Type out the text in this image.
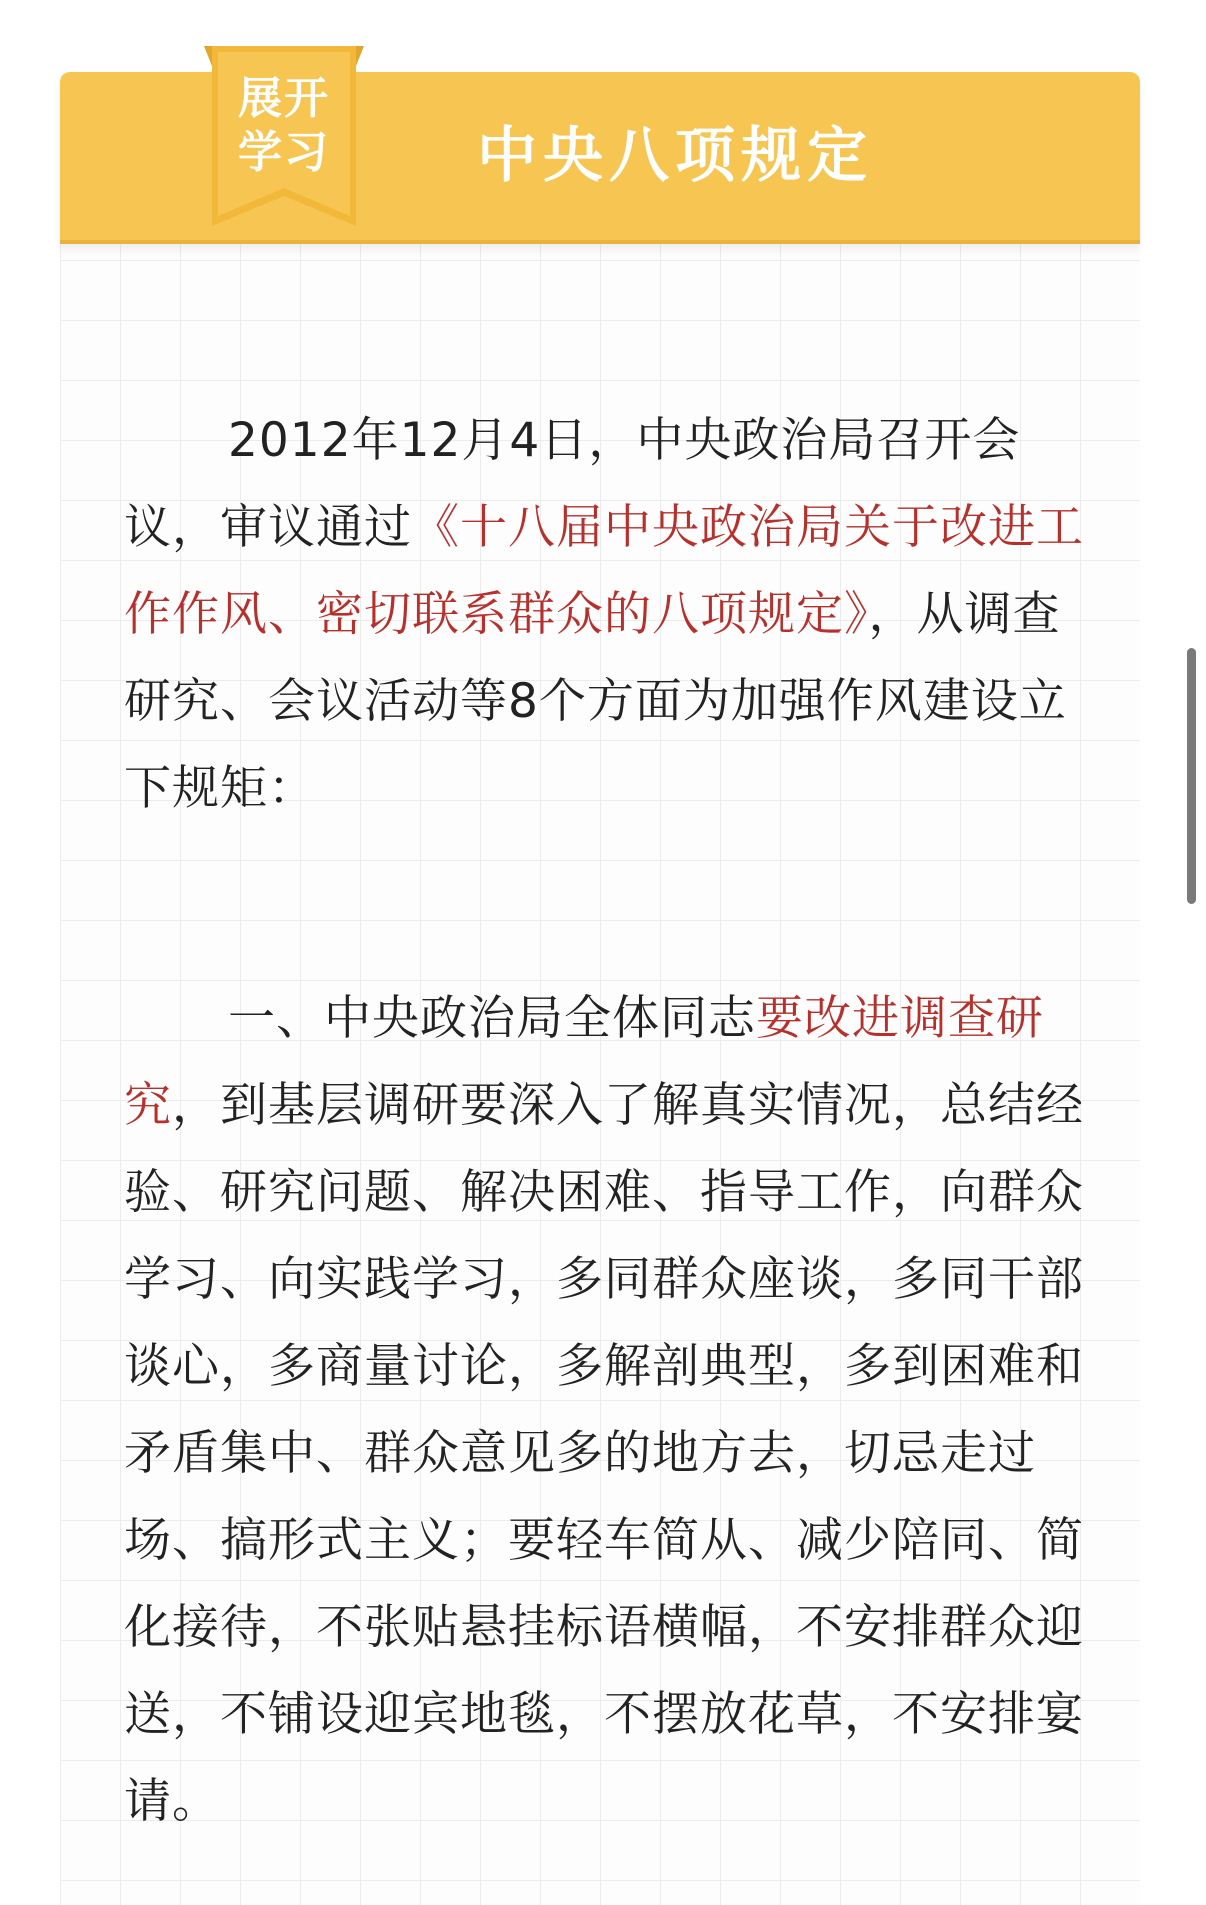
中央八项规定
展开
学习
2012年12月4日，中央政治局召开会议，审议通过《十八届中央政治局关于改进工作作风、密切联系群众的八项规定》，从调查研究、会议活动等8个方面为加强作风建设立下规矩：
一、中央政治局全体同志要改进调查研究，到基层调研要深入了解真实情况，总结经验、研究问题、解决困难、指导工作，向群众学习、向实践学习，多同群众座谈，多同干部谈心，多商量讨论，多解剖典型，多到困难和矛盾集中、群众意见多的地方去，切忌走过场、搞形式主义；要轻车简从、减少陪同、简化接待，不张贴悬挂标语横幅，不安排群众迎送，不铺设迎宾地毯，不摆放花草，不安排宴请。
